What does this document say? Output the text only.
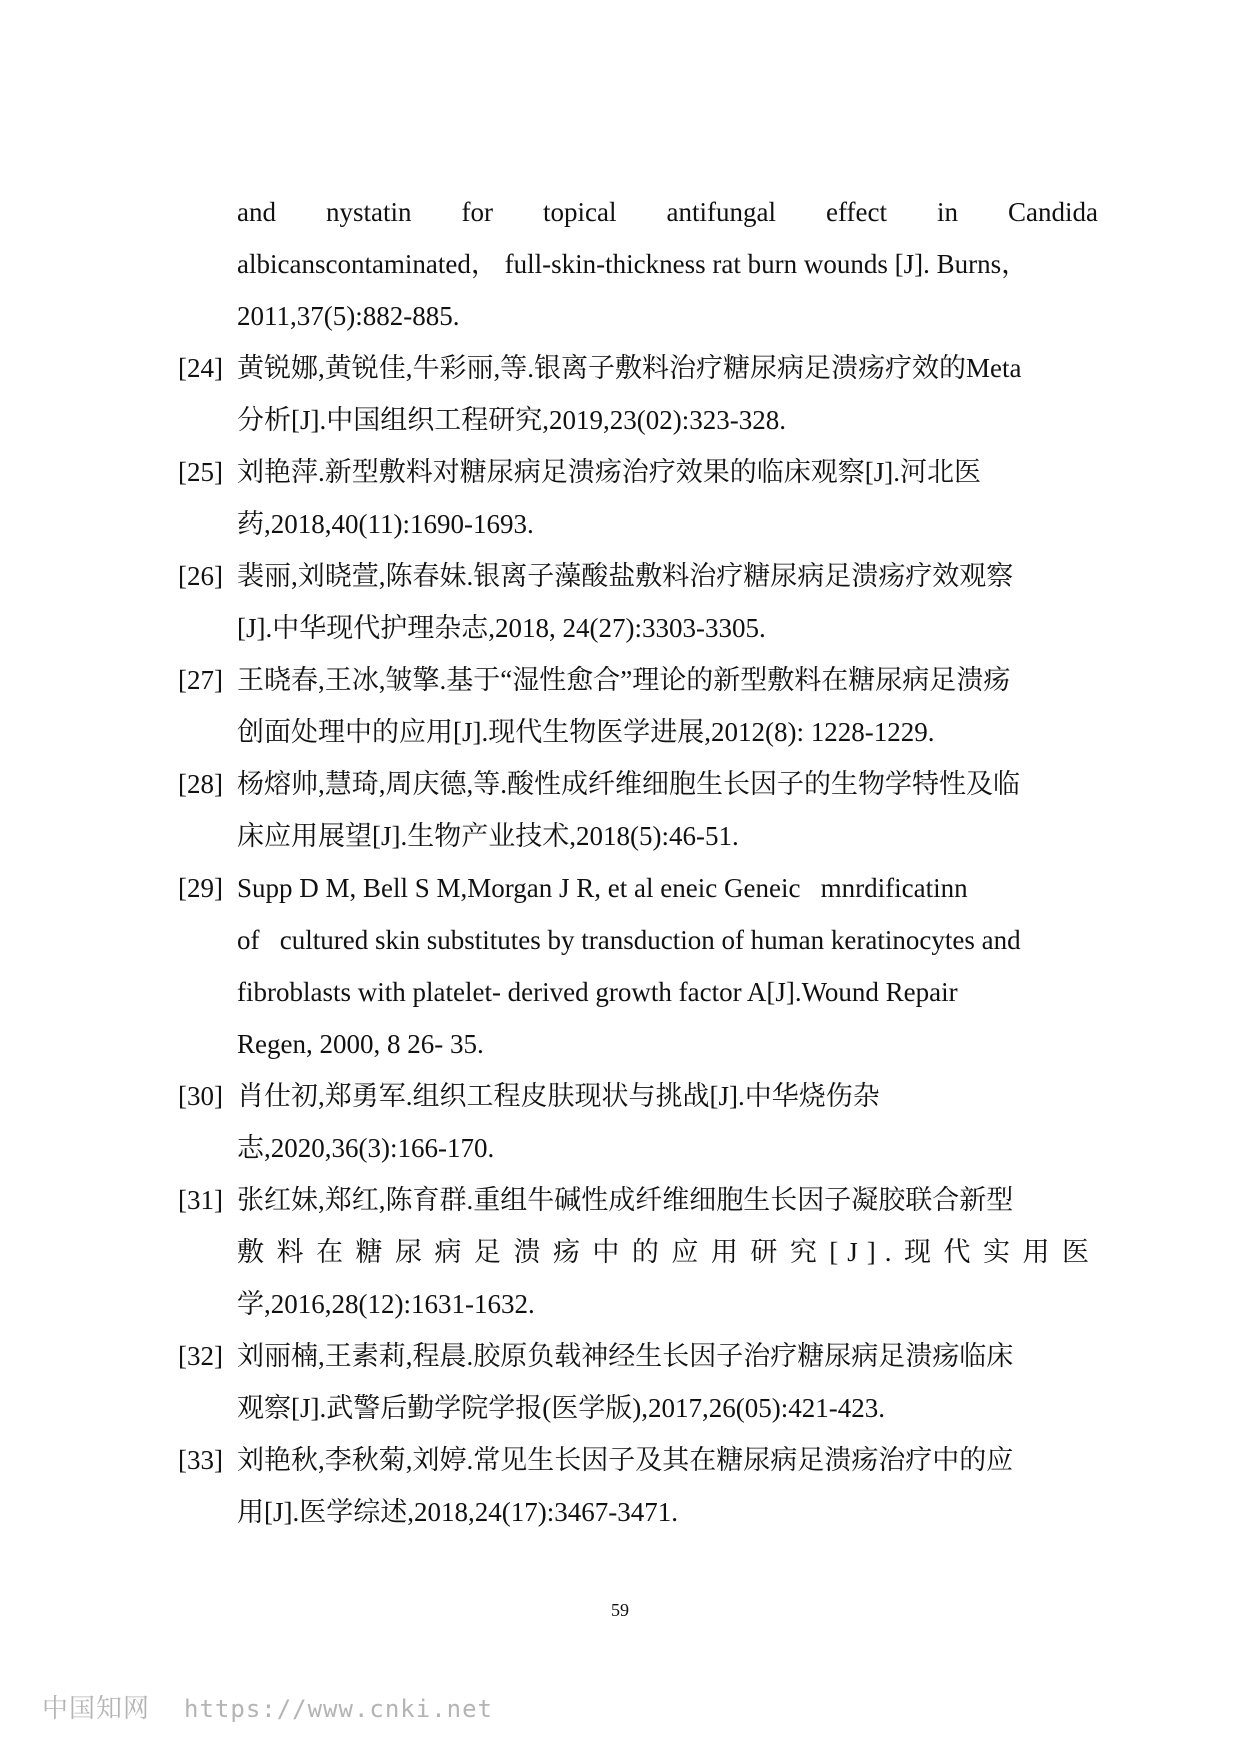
and nystatin for topical antifungal effect in Candida
albicanscontaminated， full-skin-thickness rat burn wounds [J]. Burns，
2011,37(5):882-885.
[24] 黄锐娜,黄锐佳,牛彩丽,等.银离子敷料治疗糖尿病足溃疡疗效的Meta
分析[J].中国组织工程研究,2019,23(02):323-328.
[25] 刘艳萍.新型敷料对糖尿病足溃疡治疗效果的临床观察[J].河北医
药,2018,40(11):1690-1693.
[26] 裴丽,刘晓萱,陈春妹.银离子藻酸盐敷料治疗糖尿病足溃疡疗效观察
[J].中华现代护理杂志,2018, 24(27):3303-3305.
[27] 王晓春,王冰,皱擎.基于“湿性愈合”理论的新型敷料在糖尿病足溃疡
创面处理中的应用[J].现代生物医学进展,2012(8): 1228-1229.
[28] 杨熔帅,慧琦,周庆德,等.酸性成纤维细胞生长因子的生物学特性及临
床应用展望[J].生物产业技术,2018(5):46-51.
[29] Supp D M, Bell S M,Morgan J R, et al eneic Geneic   mnrdificatinn
of   cultured skin substitutes by transduction of human keratinocytes and
fibroblasts with platelet- derived growth factor A[J].Wound Repair
Regen, 2000, 8 26- 35.
[30] 肖仕初,郑勇军.组织工程皮肤现状与挑战[J].中华烧伤杂
志,2020,36(3):166-170.
[31] 张红妹,郑红,陈育群.重组牛碱性成纤维细胞生长因子凝胶联合新型
敷料在糖尿病足溃疡中的应用研究[J].现代实用医
学,2016,28(12):1631-1632.
[32] 刘丽楠,王素莉,程晨.胶原负载神经生长因子治疗糖尿病足溃疡临床
观察[J].武警后勤学院学报(医学版),2017,26(05):421-423.
[33] 刘艳秋,李秋菊,刘婷.常见生长因子及其在糖尿病足溃疡治疗中的应
用[J].医学综述,2018,24(17):3467-3471.
59
中国知网 https://www.cnki.net
